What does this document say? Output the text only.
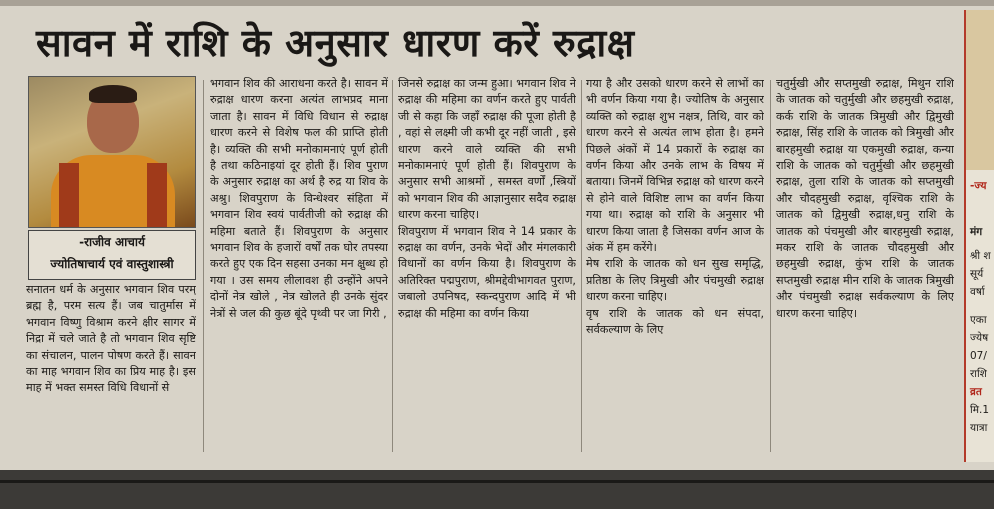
सावन में राशि के अनुसार धारण करें रुद्राक्ष
-राजीव आचार्य
ज्योतिषाचार्य एवं वास्तुशास्त्री

सनातन धर्म के अनुसार भगवान शिव परम् ब्रह्म है, परम सत्य हैं। जब चातुर्मास में भगवान विष्णु विश्राम करने क्षीर सागर में निद्रा में चले जाते है तो भगवान शिव सृष्टि का संचालन, पालन पोषण करते हैं। सावन का माह भगवान शिव का प्रिय माह है। इस माह में भक्त समस्त विधि विधानों से

भगवान शिव की आराधना करते है। सावन में रुद्राक्ष धारण करना अत्यंत लाभप्रद माना जाता है। सावन में विधि विधान से रुद्राक्ष धारण करने से विशेष फल की प्राप्ति होती है। व्यक्ति की सभी मनोकामनाएं पूर्ण होती है तथा कठिनाइयां दूर होती हैं। शिव पुराण के अनुसार रुद्राक्ष का अर्थ है रुद्र या शिव के अश्रु। शिवपुराण के विन्धेश्वर संहिता में भगवान शिव स्वयं पार्वतीजी को रुद्राक्ष की महिमा बताते हैं। शिवपुराण के अनुसार भगवान शिव के हजारों वर्षों तक घोर तपस्या करते हुए एक दिन सहसा उनका मन क्षुब्ध हो गया । उस समय लीलावश ही उन्होंने अपने दोनों नेत्र खोले , नेत्र खोलते ही उनके सुंदर नेत्रों से जल की कुछ बूंदे पृथ्वी पर जा गिरी ,

जिनसे रुद्राक्ष का जन्म हुआ। भगवान शिव ने रुद्राक्ष की महिमा का वर्णन करते हुए पार्वती जी से कहा कि जहाँ रुद्राक्ष की पूजा होती है , वहां से लक्ष्मी जी कभी दूर नहीं जाती , इसे धारण करने वाले व्यक्ति की सभी मनोकामनाएं पूर्ण होती हैं। शिवपुराण के अनुसार सभी आश्रमों , समस्त वर्णों ,स्त्रियों को भगवान शिव की आज्ञानुसार सदैव रुद्राक्ष धारण करना चाहिए।

शिवपुराण में भगवान शिव ने 14 प्रकार के रुद्राक्ष का वर्णन, उनके भेदों और मंगलकारी विधानों का वर्णन किया है। शिवपुराण के अतिरिक्त पद्मपुराण, श्रीमद्देवीभागवत पुराण, जबालो उपनिषद, स्कन्दपुराण आदि में भी रुद्राक्ष की महिमा का वर्णन किया

गया है और उसको धारण करने से लाभों का भी वर्णन किया गया है। ज्योतिष के अनुसार व्यक्ति को रुद्राक्ष शुभ नक्षत्र, तिथि, वार को धारण करने से अत्यंत लाभ होता है। हमने पिछले अंकों में 14 प्रकारों के रुद्राक्ष का वर्णन किया और उनके लाभ के विषय में बताया। जिनमें विभिन्न रुद्राक्ष को धारण करने से होने वाले विशिष्ट लाभ का वर्णन किया गया था। रुद्राक्ष को राशि के अनुसार भी धारण किया जाता है जिसका वर्णन आज के अंक में हम करेंगे।

मेष राशि के जातक को धन सुख समृद्धि, प्रतिष्ठा के लिए त्रिमुखी और पंचमुखी रुद्राक्ष धारण करना चाहिए।

वृष राशि के जातक को धन संपदा, सर्वकल्याण के लिए

चतुर्मुखी और सप्तमुखी रुद्राक्ष, मिथुन राशि के जातक को चतुर्मुखी और छहमुखी रुद्राक्ष, कर्क राशि के जातक त्रिमुखी और द्विमुखी रुद्राक्ष, सिंह राशि के जातक को त्रिमुखी और बारहमुखी रुद्राक्ष या एकमुखी रुद्राक्ष, कन्या राशि के जातक को चतुर्मुखी और छहमुखी रुद्राक्ष, तुला राशि के जातक को सप्तमुखी और चौदहमुखी रुद्राक्ष, वृश्चिक राशि के जातक को द्विमुखी रुद्राक्ष,धनु राशि के जातक को पंचमुखी और बारहमुखी रुद्राक्ष, मकर राशि के जातक चौदहमुखी और छहमुखी रुद्राक्ष, कुंभ राशि के जातक सप्तमुखी रुद्राक्ष मीन राशि के जातक त्रिमुखी और पंचमुखी रुद्राक्ष सर्वकल्याण के लिए धारण करना चाहिए।

-ज्य
मंग
श्री श
सूर्य
वर्षा
एका
ज्येष
07/
राशि
व्रत
मि.1
यात्रा
